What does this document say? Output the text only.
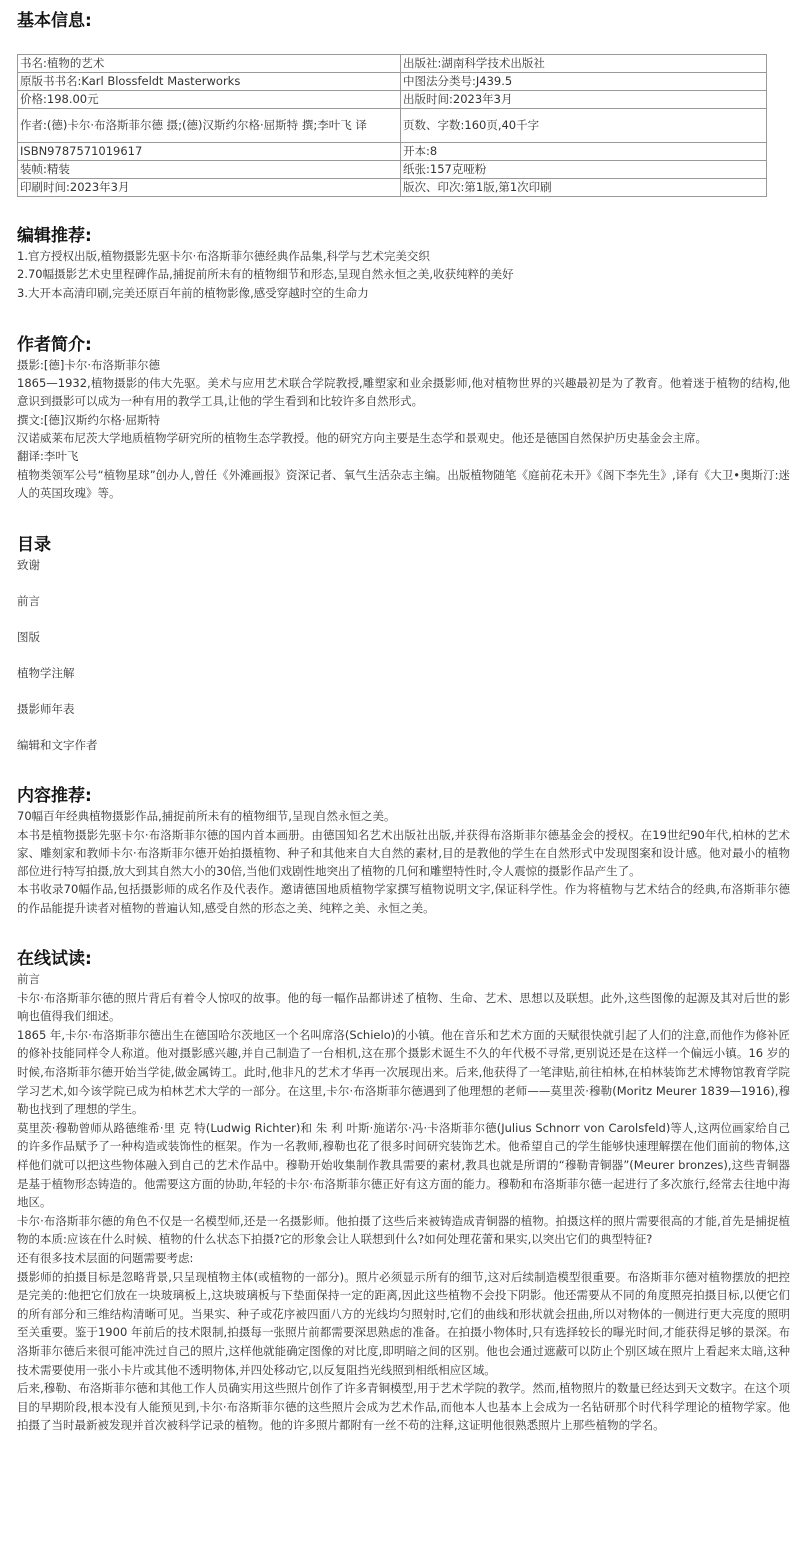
基本信息:
书名:植物的艺术	出版社:湖南科学技术出版社
原版书书名:Karl Blossfeldt Masterworks	中图法分类号:J439.5
价格:198.00元	出版时间:2023年3月
作者:(德)卡尔·布洛斯菲尔德 摄;(德)汉斯约尔格·屈斯特 撰;李叶飞 译	页数、字数:160页,40千字
ISBN9787571019617	开本:8
装帧:精装	纸张:157克哑粉
印刷时间:2023年3月	版次、印次:第1版,第1次印刷
编辑推荐:

1.官方授权出版,植物摄影先驱卡尔·布洛斯菲尔德经典作品集,科学与艺术完美交织

2.70幅摄影艺术史里程碑作品,捕捉前所未有的植物细节和形态,呈现自然永恒之美,收获纯粹的美好

3.大开本高清印刷,完美还原百年前的植物影像,感受穿越时空的生命力

作者简介:

摄影:[德]卡尔·布洛斯菲尔德

1865—1932,植物摄影的伟大先驱。美术与应用艺术联合学院教授,雕塑家和业余摄影师,他对植物世界的兴趣最初是为了教育。他着迷于植物的结构,他意识到摄影可以成为一种有用的教学工具,让他的学生看到和比较许多自然形式。

撰文:[德]汉斯约尔格·屈斯特

汉诺威莱布尼茨大学地质植物学研究所的植物生态学教授。他的研究方向主要是生态学和景观史。他还是德国自然保护历史基金会主席。

翻译:李叶飞

植物类领军公号“植物星球”创办人,曾任《外滩画报》资深记者、氧气生活杂志主编。出版植物随笔《庭前花未开》《阁下李先生》,译有《大卫•奥斯汀:迷人的英国玫瑰》等。

目录

致谢

前言

图版

植物学注解

摄影师年表

编辑和文字作者

内容推荐:

70幅百年经典植物摄影作品,捕捉前所未有的植物细节,呈现自然永恒之美。

本书是植物摄影先驱卡尔·布洛斯菲尔德的国内首本画册。由德国知名艺术出版社出版,并获得布洛斯菲尔德基金会的授权。在19世纪90年代,柏林的艺术家、雕刻家和教师卡尔·布洛斯菲尔德开始拍摄植物、种子和其他来自大自然的素材,目的是教他的学生在自然形式中发现图案和设计感。他对最小的植物部位进行特写拍摄,放大到其自然大小的30倍,当他们戏剧性地突出了植物的几何和雕塑特性时,令人震惊的摄影作品产生了。

本书收录70幅作品,包括摄影师的成名作及代表作。邀请德国地质植物学家撰写植物说明文字,保证科学性。作为将植物与艺术结合的经典,布洛斯菲尔德的作品能提升读者对植物的普遍认知,感受自然的形态之美、纯粹之美、永恒之美。

在线试读:

前言

卡尔·布洛斯菲尔德的照片背后有着令人惊叹的故事。他的每一幅作品都讲述了植物、生命、艺术、思想以及联想。此外,这些图像的起源及其对后世的影响也值得我们细述。

1865 年,卡尔·布洛斯菲尔德出生在德国哈尔茨地区一个名叫席洛(Schielo)的小镇。他在音乐和艺术方面的天赋很快就引起了人们的注意,而他作为修补匠的修补技能同样令人称道。他对摄影感兴趣,并自己制造了一台相机,这在那个摄影术诞生不久的年代极不寻常,更别说还是在这样一个偏远小镇。16 岁的时候,布洛斯菲尔德开始当学徒,做金属铸工。此时,他非凡的艺术才华再一次展现出来。后来,他获得了一笔津贴,前往柏林,在柏林装饰艺术博物馆教育学院学习艺术,如今该学院已成为柏林艺术大学的一部分。在这里,卡尔·布洛斯菲尔德遇到了他理想的老师——莫里茨·穆勒(Moritz Meurer 1839—1916),穆勒也找到了理想的学生。

莫里茨·穆勒曾师从路德维希·里 克 特(Ludwig Richter)和 朱 利 叶斯·施诺尔·冯·卡洛斯菲尔德(Julius Schnorr von Carolsfeld)等人,这两位画家给自己的许多作品赋予了一种构造或装饰性的框架。作为一名教师,穆勒也花了很多时间研究装饰艺术。他希望自己的学生能够快速理解摆在他们面前的物体,这样他们就可以把这些物体融入到自己的艺术作品中。穆勒开始收集制作教具需要的素材,教具也就是所谓的“穆勒青铜器”(Meurer bronzes),这些青铜器是基于植物形态铸造的。他需要这方面的协助,年轻的卡尔·布洛斯菲尔德正好有这方面的能力。穆勒和布洛斯菲尔德一起进行了多次旅行,经常去往地中海地区。

卡尔·布洛斯菲尔德的角色不仅是一名模型师,还是一名摄影师。他拍摄了这些后来被铸造成青铜器的植物。拍摄这样的照片需要很高的才能,首先是捕捉植物的本质:应该在什么时候、植物的什么状态下拍摄?它的形象会让人联想到什么?如何处理花蕾和果实,以突出它们的典型特征?

还有很多技术层面的问题需要考虑:

摄影师的拍摄目标是忽略背景,只呈现植物主体(或植物的一部分)。照片必须显示所有的细节,这对后续制造模型很重要。布洛斯菲尔德对植物摆放的把控是完美的:他把它们放在一块玻璃板上,这块玻璃板与下垫面保持一定的距离,因此这些植物不会投下阴影。他还需要从不同的角度照亮拍摄目标,以便它们的所有部分和三维结构清晰可见。当果实、种子或花序被四面八方的光线均匀照射时,它们的曲线和形状就会扭曲,所以对物体的一侧进行更大亮度的照明至关重要。鉴于1900 年前后的技术限制,拍摄每一张照片前都需要深思熟虑的准备。在拍摄小物体时,只有选择较长的曝光时间,才能获得足够的景深。布洛斯菲尔德后来很可能冲洗过自己的照片,这样他就能确定图像的对比度,即明暗之间的区别。他也会通过遮蔽可以防止个别区域在照片上看起来太暗,这种技术需要使用一张小卡片或其他不透明物体,并四处移动它,以反复阻挡光线照到相纸相应区域。

后来,穆勒、布洛斯菲尔德和其他工作人员确实用这些照片创作了许多青铜模型,用于艺术学院的教学。然而,植物照片的数量已经达到天文数字。在这个项目的早期阶段,根本没有人能预见到,卡尔·布洛斯菲尔德的这些照片会成为艺术作品,而他本人也基本上会成为一名钻研那个时代科学理论的植物学家。他拍摄了当时最新被发现并首次被科学记录的植物。他的许多照片都附有一丝不苟的注释,这证明他很熟悉照片上那些植物的学名。
